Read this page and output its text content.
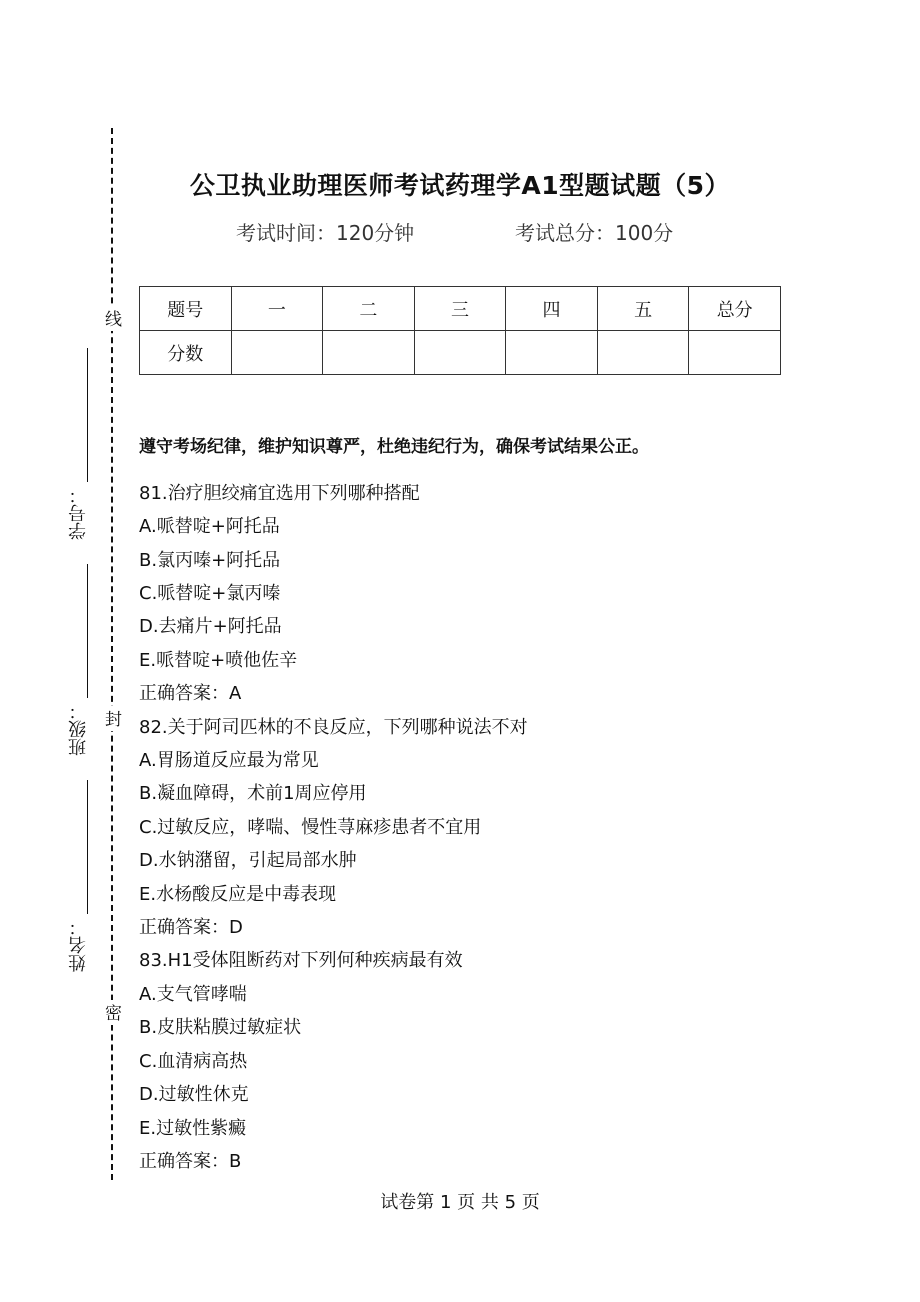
线
封
密
学号：
班级：
姓名：
公卫执业助理医师考试药理学A1型题试题（5）
考试时间：120分钟	考试总分：100分
题号	一	二	三	四	五	总分
分数						
遵守考场纪律，维护知识尊严，杜绝违纪行为，确保考试结果公正。
81.治疗胆绞痛宜选用下列哪种搭配
A.哌替啶+阿托品
B.氯丙嗪+阿托品
C.哌替啶+氯丙嗪
D.去痛片+阿托品
E.哌替啶+喷他佐辛
正确答案：A
82.关于阿司匹林的不良反应，下列哪种说法不对
A.胃肠道反应最为常见
B.凝血障碍，术前1周应停用
C.过敏反应，哮喘、慢性荨麻疹患者不宜用
D.水钠潴留，引起局部水肿
E.水杨酸反应是中毒表现
正确答案：D
83.H1受体阻断药对下列何种疾病最有效
A.支气管哮喘
B.皮肤粘膜过敏症状
C.血清病高热
D.过敏性休克
E.过敏性紫癜
正确答案：B
试卷第 1 页 共 5 页
